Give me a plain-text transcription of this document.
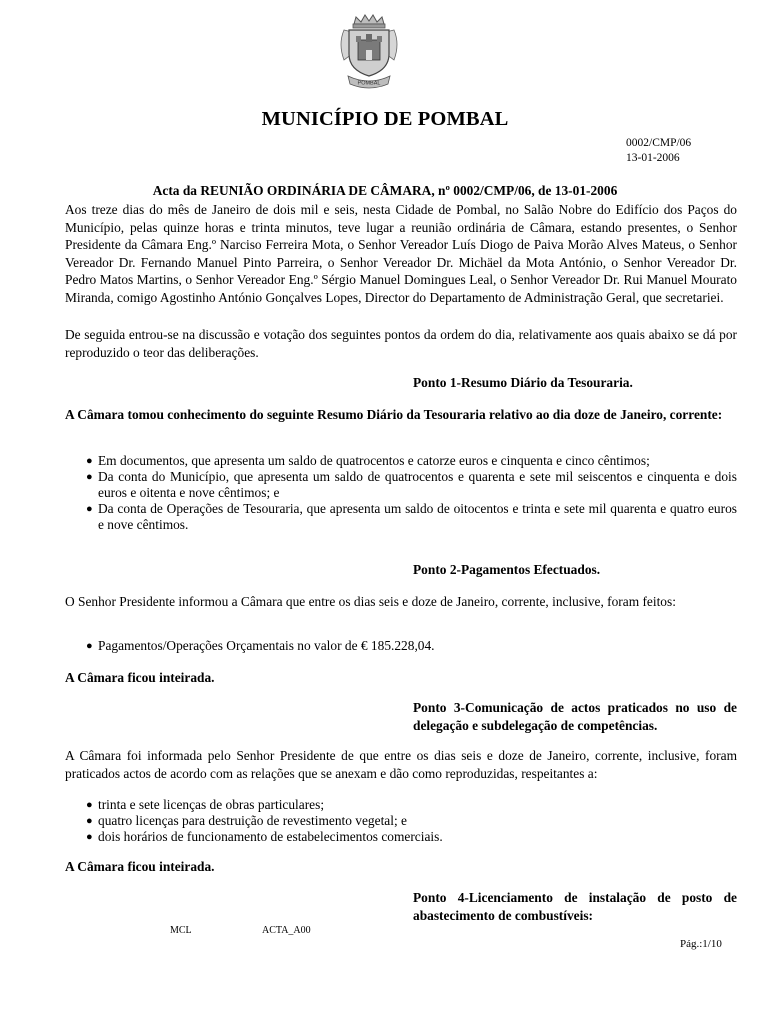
POMBAL
MUNICÍPIO DE POMBAL
0002/CMP/06
13-01-2006
Acta da REUNIÃO ORDINÁRIA DE CÂMARA, nº 0002/CMP/06, de 13-01-2006
Aos treze dias do mês de Janeiro de dois mil e seis, nesta Cidade de Pombal, no Salão Nobre do Edifício dos Paços do Município, pelas quinze horas e trinta minutos, teve lugar a reunião ordinária de Câmara, estando presentes, o Senhor Presidente da Câmara Eng.º Narciso Ferreira Mota, o Senhor Vereador Luís Diogo de Paiva Morão Alves Mateus, o Senhor Vereador Dr. Fernando Manuel Pinto Parreira, o Senhor Vereador Dr. Michäel da Mota António, o Senhor Vereador Dr. Pedro Matos Martins, o Senhor Vereador Eng.º Sérgio Manuel Domingues Leal, o Senhor Vereador Dr. Rui Manuel Mourato Miranda, comigo Agostinho António Gonçalves Lopes, Director do Departamento de Administração Geral, que secretariei.
De seguida entrou-se na discussão e votação dos seguintes pontos da ordem do dia, relativamente aos quais abaixo se dá por reproduzido o teor das deliberações.
Ponto 1-Resumo Diário da Tesouraria.
A Câmara tomou conhecimento do seguinte Resumo Diário da Tesouraria relativo ao dia doze de Janeiro, corrente:
● Em documentos, que apresenta um saldo de quatrocentos e catorze euros e cinquenta e cinco cêntimos;
● Da conta do Município, que apresenta um saldo de quatrocentos e quarenta e sete mil seiscentos e cinquenta e dois euros e oitenta e nove cêntimos; e
● Da conta de Operações de Tesouraria, que apresenta um saldo de oitocentos e trinta e sete mil quarenta e quatro euros e nove cêntimos.
Ponto 2-Pagamentos Efectuados.
O Senhor Presidente informou a Câmara que entre os dias seis e doze de Janeiro, corrente, inclusive, foram feitos:
● Pagamentos/Operações Orçamentais no valor de € 185.228,04.
A Câmara ficou inteirada.
Ponto 3-Comunicação de actos praticados no uso de delegação e subdelegação de competências.
A Câmara foi informada pelo Senhor Presidente de que entre os dias seis e doze de Janeiro, corrente, inclusive, foram praticados actos de acordo com as relações que se anexam e dão como reproduzidas, respeitantes a:
● trinta e sete licenças de obras particulares;
● quatro licenças para destruição de revestimento vegetal; e
● dois horários de funcionamento de estabelecimentos comerciais.
A Câmara ficou inteirada.
Ponto 4-Licenciamento de instalação de posto de abastecimento de combustíveis:
MCL	ACTA_A00
Pág.:1/10
